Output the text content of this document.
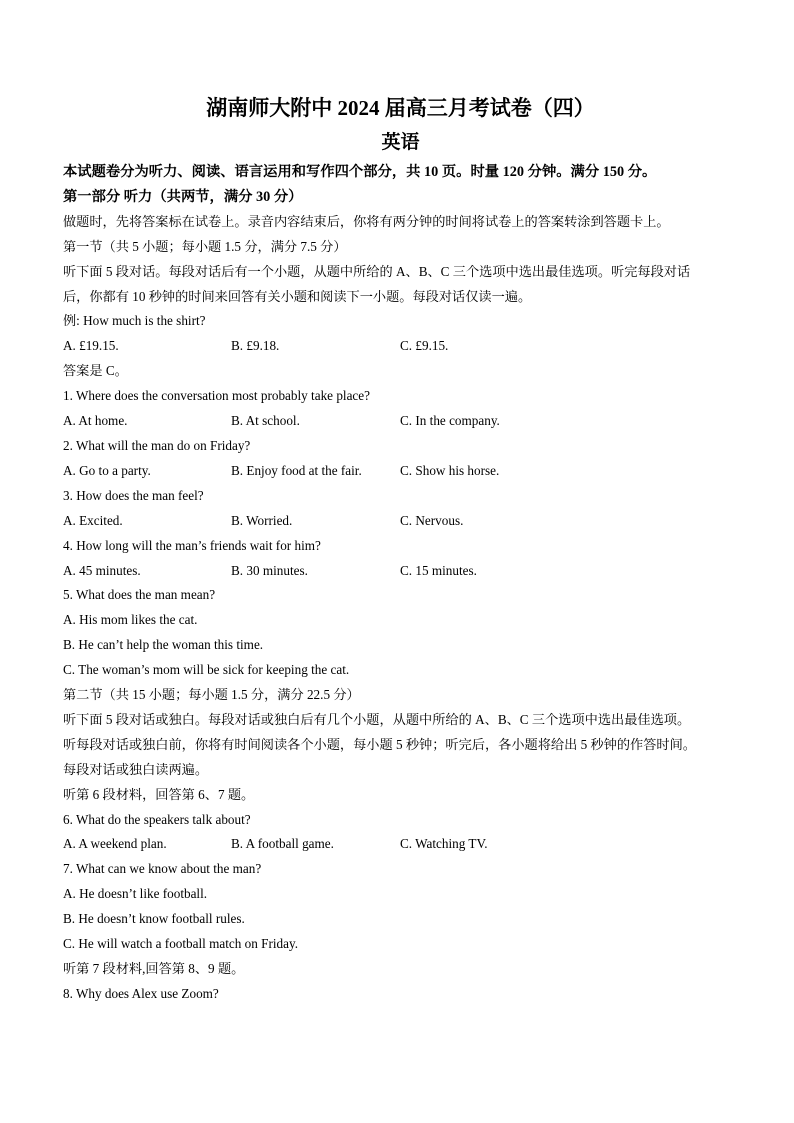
湖南师大附中 2024 届高三月考试卷（四）
英语
本试题卷分为听力、阅读、语言运用和写作四个部分，共 10 页。时量 120 分钟。满分 150 分。
第一部分 听力（共两节，满分 30 分）
做题时，先将答案标在试卷上。录音内容结束后，你将有两分钟的时间将试卷上的答案转涂到答题卡上。
第一节（共 5 小题；每小题 1.5 分，满分 7.5 分）
听下面 5 段对话。每段对话后有一个小题，从题中所给的 A、B、C 三个选项中选出最佳选项。听完每段对话
后，你都有 10 秒钟的时间来回答有关小题和阅读下一小题。每段对话仅读一遍。
例: How much is the shirt?
A. £19.15.	B. £9.18.	C. £9.15.
答案是 C。
1. Where does the conversation most probably take place?
A. At home.	B. At school.	C. In the company.
2. What will the man do on Friday?
A. Go to a party.	B. Enjoy food at the fair.	C. Show his horse.
3. How does the man feel?
A. Excited.	B. Worried.	C. Nervous.
4. How long will the man’s friends wait for him?
A. 45 minutes.	B. 30 minutes.	C. 15 minutes.
5. What does the man mean?
A. His mom likes the cat.
B. He can’t help the woman this time.
C. The woman’s mom will be sick for keeping the cat.
第二节（共 15 小题；每小题 1.5 分，满分 22.5 分）
听下面 5 段对话或独白。每段对话或独白后有几个小题，从题中所给的 A、B、C 三个选项中选出最佳选项。
听每段对话或独白前，你将有时间阅读各个小题，每小题 5 秒钟；听完后，各小题将给出 5 秒钟的作答时间。
每段对话或独白读两遍。
听第 6 段材料，回答第 6、7 题。
6. What do the speakers talk about?
A. A weekend plan.	B. A football game.	C. Watching TV.
7. What can we know about the man?
A. He doesn’t like football.
B. He doesn’t know football rules.
C. He will watch a football match on Friday.
听第 7 段材料,回答第 8、9 题。
8. Why does Alex use Zoom?
